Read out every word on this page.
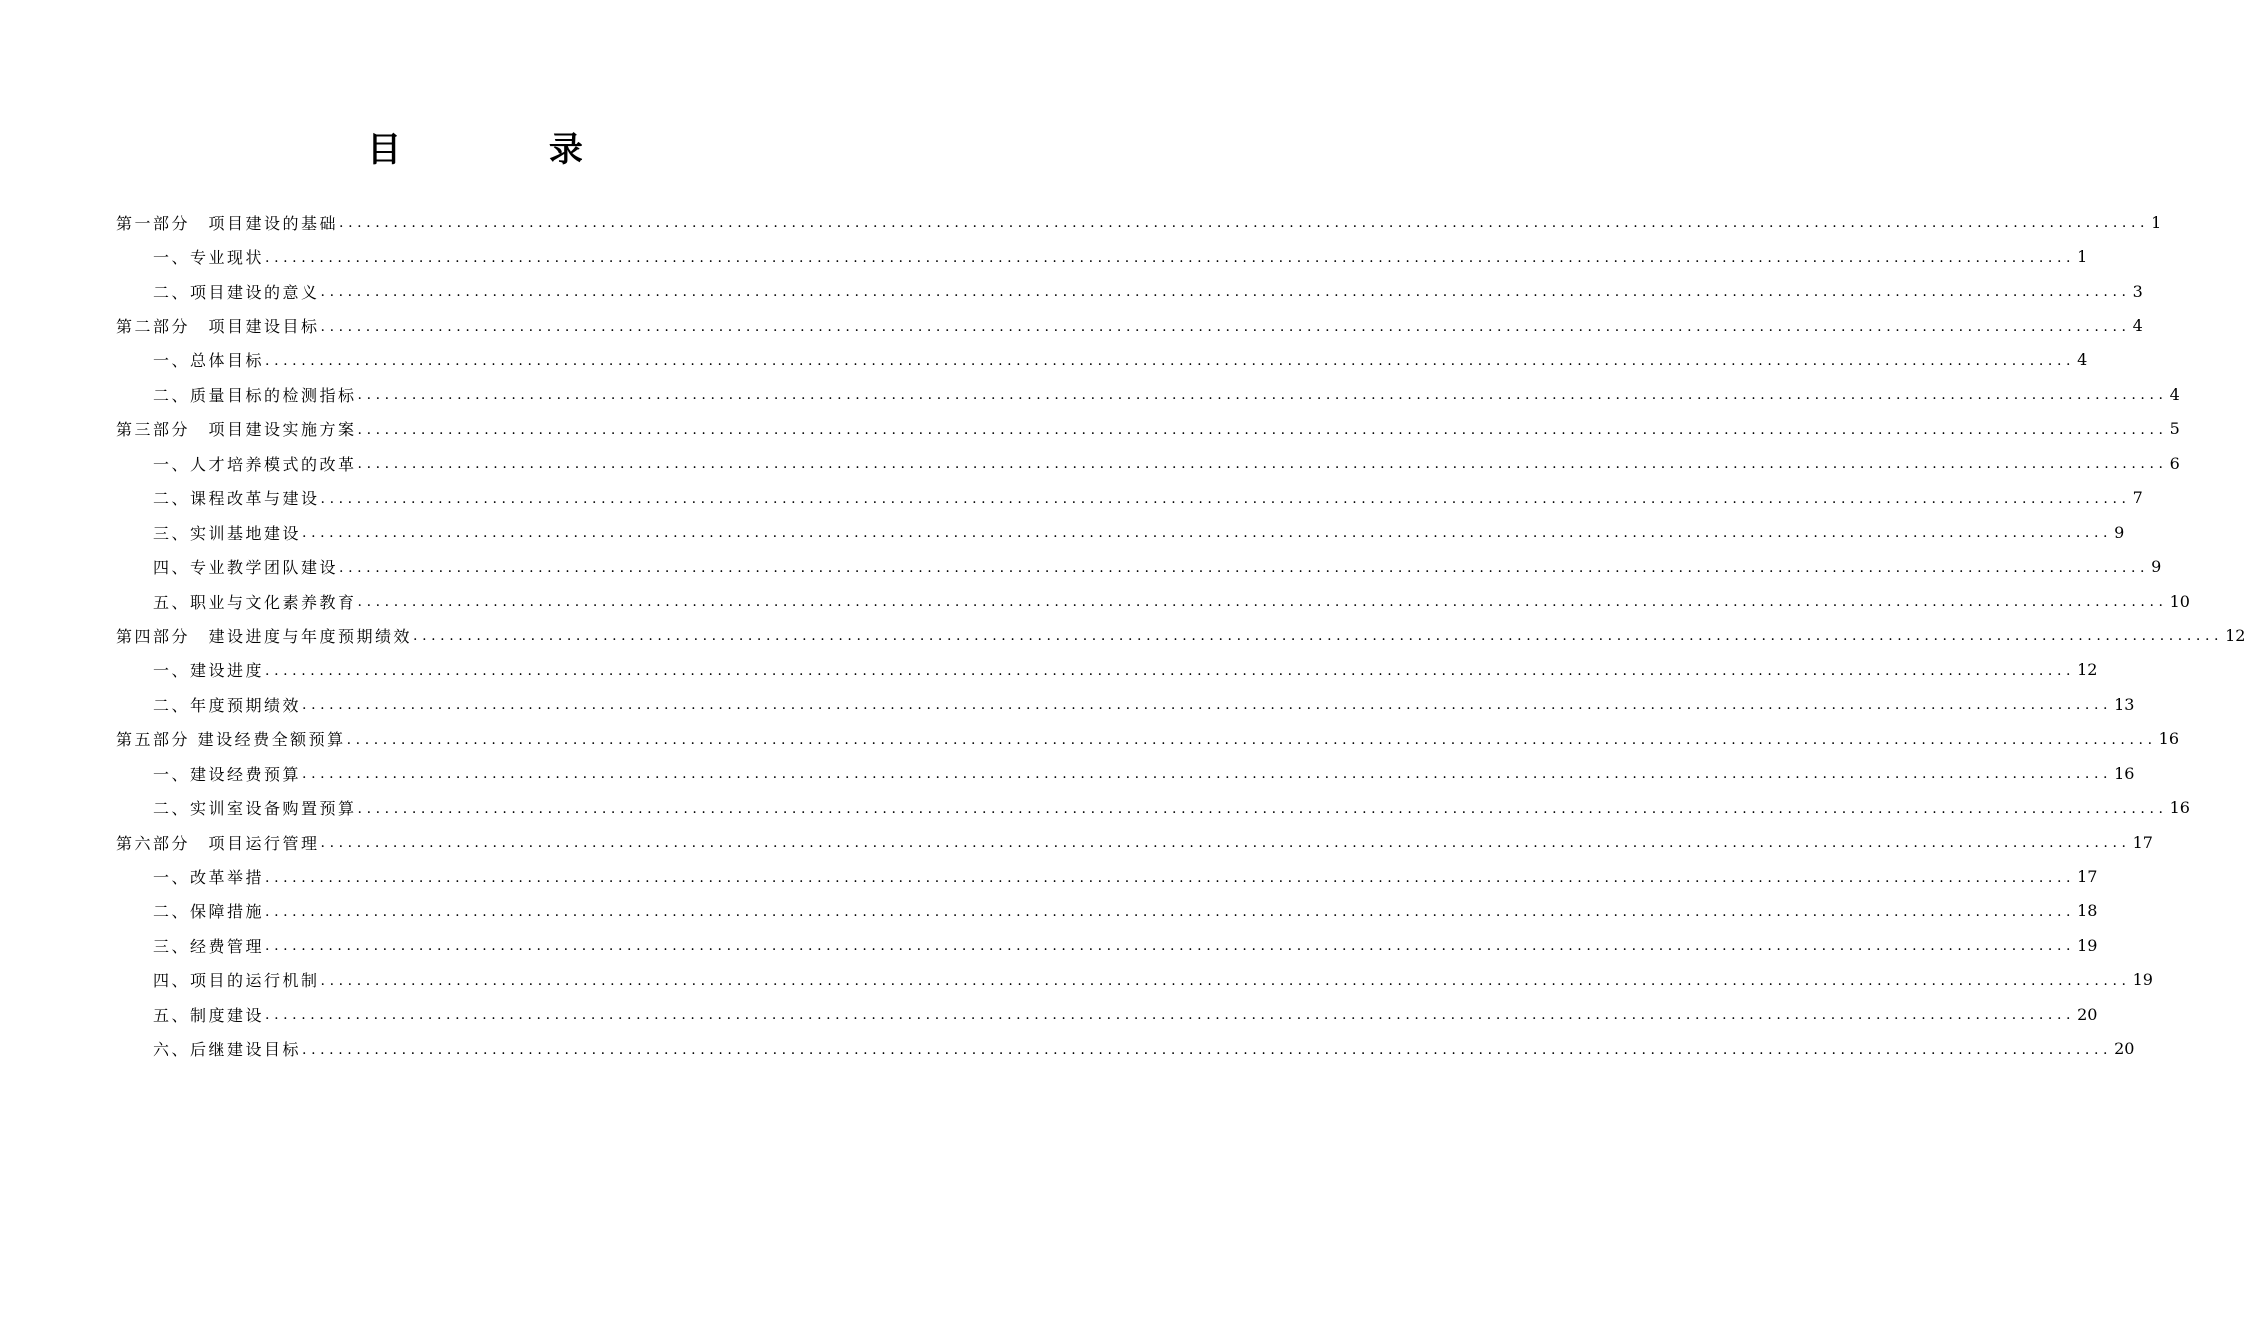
目 录
第一部分　项目建设的基础 ........................................................................................................................................................................................................ 1
一、专业现状 ........................................................................................................................................................................................................ 1
二、项目建设的意义 ........................................................................................................................................................................................................ 3
第二部分　项目建设目标 ........................................................................................................................................................................................................ 4
一、总体目标 ........................................................................................................................................................................................................ 4
二、质量目标的检测指标 ........................................................................................................................................................................................................ 4
第三部分　项目建设实施方案 ........................................................................................................................................................................................................ 5
一、人才培养模式的改革 ........................................................................................................................................................................................................ 6
二、课程改革与建设 ........................................................................................................................................................................................................ 7
三、实训基地建设 ........................................................................................................................................................................................................ 9
四、专业教学团队建设 ........................................................................................................................................................................................................ 9
五、职业与文化素养教育 ........................................................................................................................................................................................................ 10
第四部分　建设进度与年度预期绩效 ........................................................................................................................................................................................................ 12
一、建设进度 ........................................................................................................................................................................................................ 12
二、年度预期绩效 ........................................................................................................................................................................................................ 13
第五部分 建设经费全额预算 ........................................................................................................................................................................................................ 16
一、建设经费预算 ........................................................................................................................................................................................................ 16
二、实训室设备购置预算 ........................................................................................................................................................................................................ 16
第六部分　项目运行管理 ........................................................................................................................................................................................................ 17
一、改革举措 ........................................................................................................................................................................................................ 17
二、保障措施 ........................................................................................................................................................................................................ 18
三、经费管理 ........................................................................................................................................................................................................ 19
四、项目的运行机制 ........................................................................................................................................................................................................ 19
五、制度建设 ........................................................................................................................................................................................................ 20
六、后继建设目标 ........................................................................................................................................................................................................ 20
